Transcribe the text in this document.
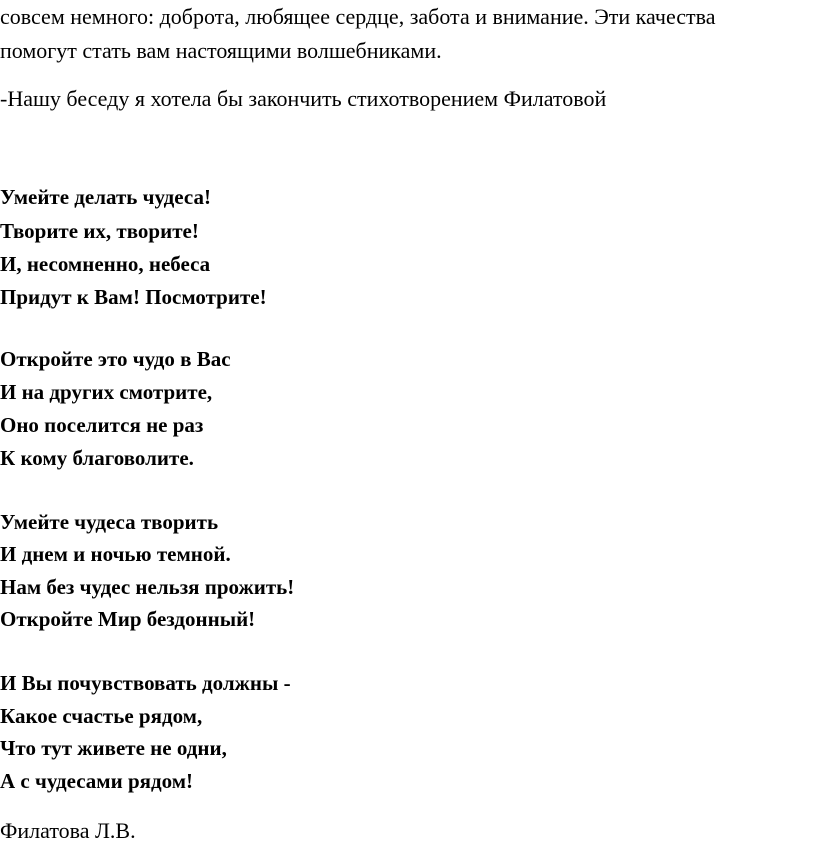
совсем немного: доброта, любящее сердце, забота и внимание. Эти качества
помогут стать вам настоящими волшебниками.
-Нашу беседу я хотела бы закончить стихотворением Филатовой
Умейте делать чудеса!
Творите их, творите!
И, несомненно, небеса
Придут к Вам! Посмотрите!
Откройте это чудо в Вас
И на других смотрите,
Оно поселится не раз
К кому благоволите.
Умейте чудеса творить
И днем и ночью темной.
Нам без чудес нельзя прожить!
Откройте Мир бездонный!
И Вы почувствовать должны -
Какое счастье рядом,
Что тут живете не одни,
А с чудесами рядом!
Филатова Л.В.
